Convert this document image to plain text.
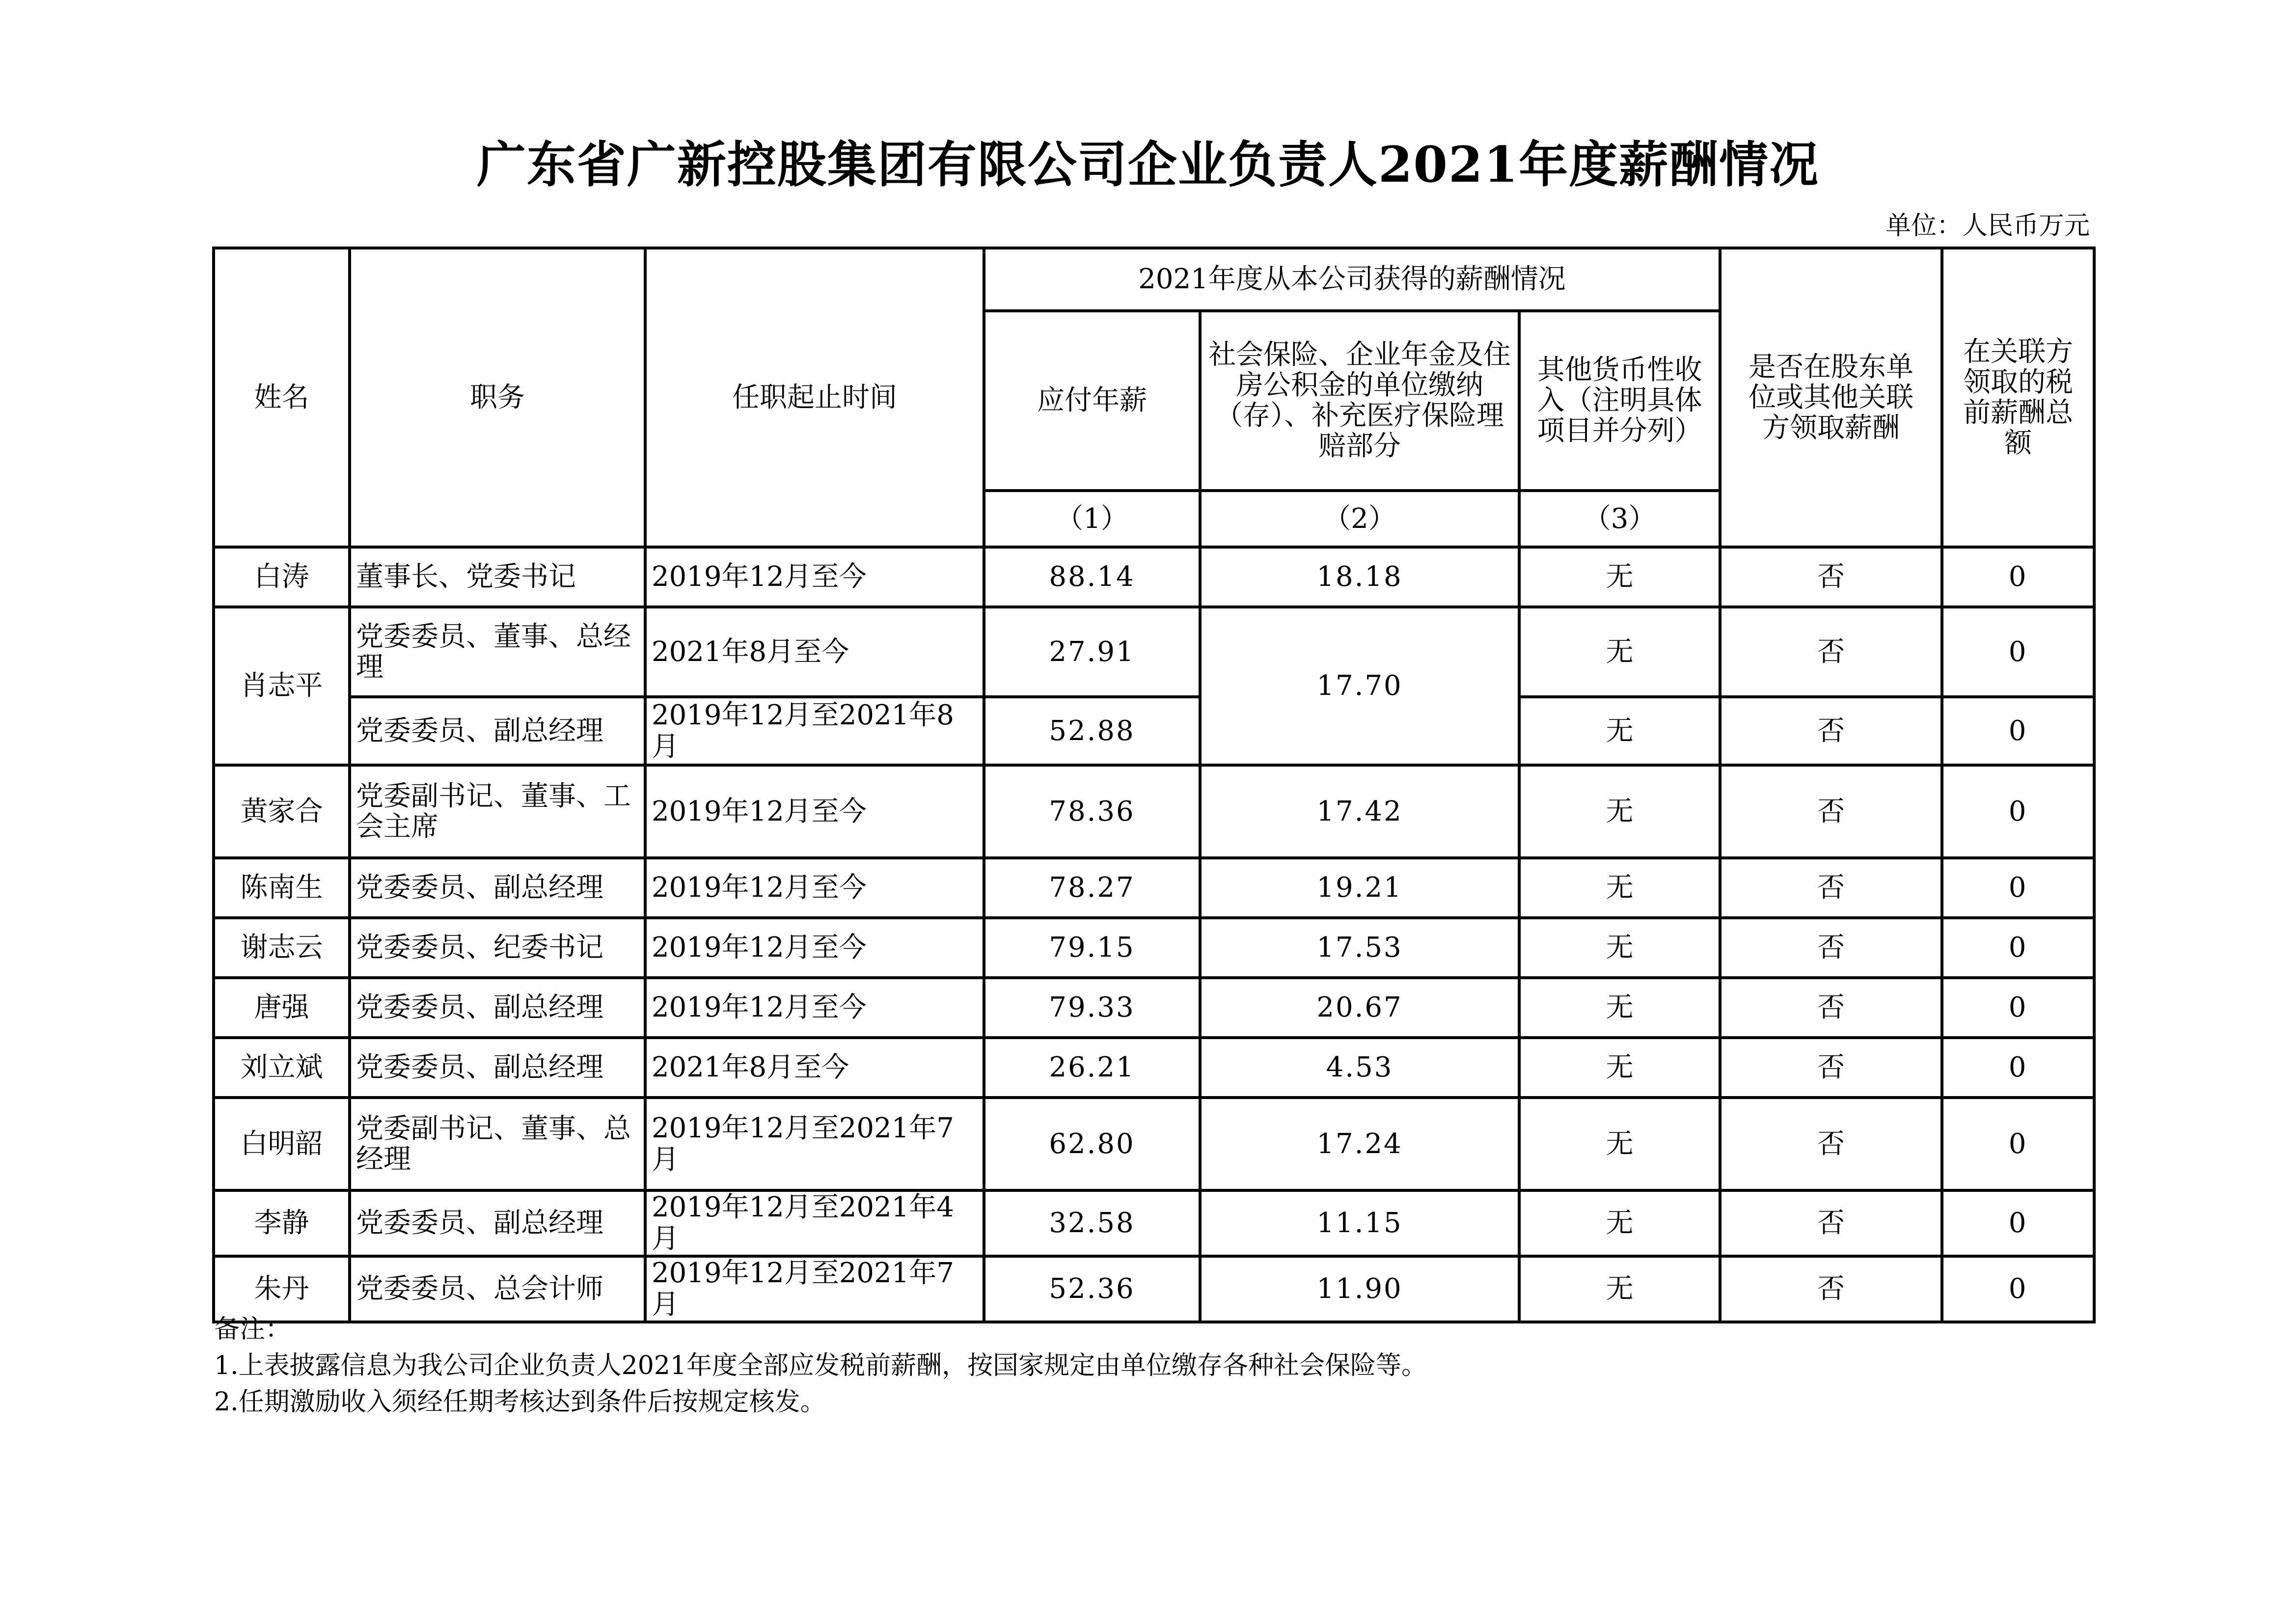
广东省广新控股集团有限公司企业负责人2021年度薪酬情况
单位：人民币万元
姓名	职务	任职起止时间	2021年度从本公司获得的薪酬情况			是否在股东单位或其他关联方领取薪酬	在关联方领取的税前薪酬总额
			应付年薪	社会保险、企业年金及住房公积金的单位缴纳（存）、补充医疗保险理赔部分	其他货币性收入（注明具体项目并分列）		
			（1）	（2）	（3）		
白涛	董事长、党委书记	2019年12月至今	88.14	18.18	无	否	0
肖志平	党委委员、董事、总经理	2021年8月至今	27.91	17.70	无	否	0
	党委委员、副总经理	2019年12月至2021年8月	52.88		无	否	0
黄家合	党委副书记、董事、工会主席	2019年12月至今	78.36	17.42	无	否	0
陈南生	党委委员、副总经理	2019年12月至今	78.27	19.21	无	否	0
谢志云	党委委员、纪委书记	2019年12月至今	79.15	17.53	无	否	0
唐强	党委委员、副总经理	2019年12月至今	79.33	20.67	无	否	0
刘立斌	党委委员、副总经理	2021年8月至今	26.21	4.53	无	否	0
白明韶	党委副书记、董事、总经理	2019年12月至2021年7月	62.80	17.24	无	否	0
李静	党委委员、副总经理	2019年12月至2021年4月	32.58	11.15	无	否	0
朱丹	党委委员、总会计师	2019年12月至2021年7月	52.36	11.90	无	否	0
备注：
1.上表披露信息为我公司企业负责人2021年度全部应发税前薪酬，按国家规定由单位缴存各种社会保险等。
2.任期激励收入须经任期考核达到条件后按规定核发。
